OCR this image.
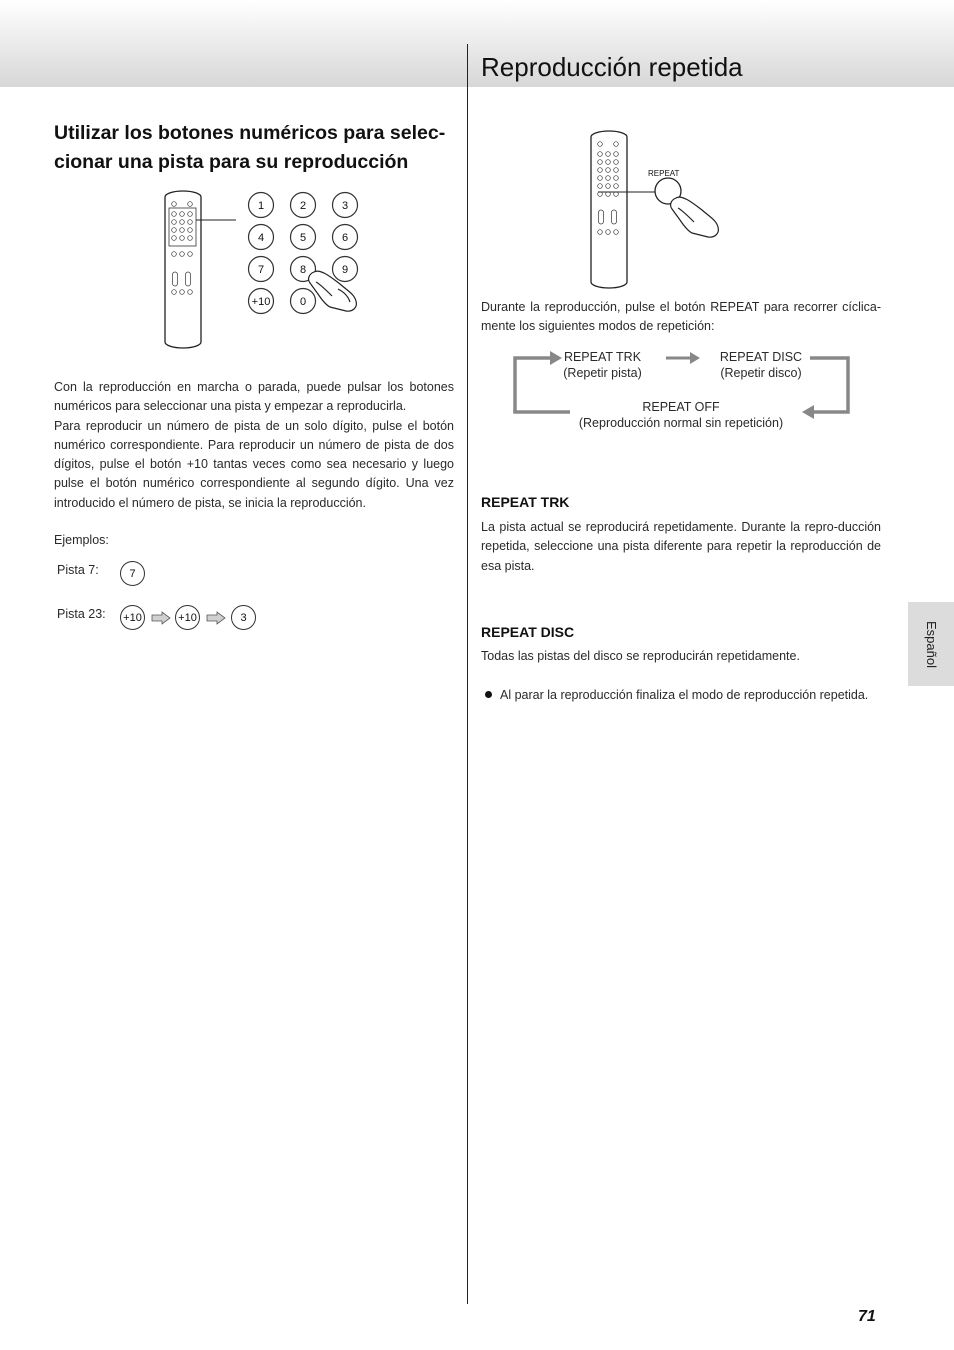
Reproducción repetida
Utilizar los botones numéricos para selec-cionar una pista para su reproducción
1	2	3
4	5	6
7	8	9
+10	0

Con la reproducción en marcha o parada, puede pulsar los botones numéricos para seleccionar una pista y empezar a reproducirla.

Para reproducir un número de pista de un solo dígito, pulse el botón numérico correspondiente. Para reproducir un número de pista de dos dígitos, pulse el botón +10 tantas veces como sea necesario y luego pulse el botón numérico correspondiente al segundo dígito. Una vez introducido el número de pista, se inicia la reproducción.

Ejemplos:
Pista 7:	7
Pista 23: +10	+10	3
REPEAT

Durante la reproducción, pulse el botón REPEAT para recorrer cíclica-mente los siguientes modos de repetición:

REPEAT TRK
(Repetir pista)
REPEAT DISC
(Repetir disco)
REPEAT OFF
(Reproducción normal sin repetición)
REPEAT TRK

La pista actual se reproducirá repetidamente. Durante la repro-ducción repetida, seleccione una pista diferente para repetir la reproducción de esa pista.

REPEAT DISC

Todas las pistas del disco se reproducirán repetidamente.

Al parar la reproducción finaliza el modo de reproducción repetida.

Español
71
